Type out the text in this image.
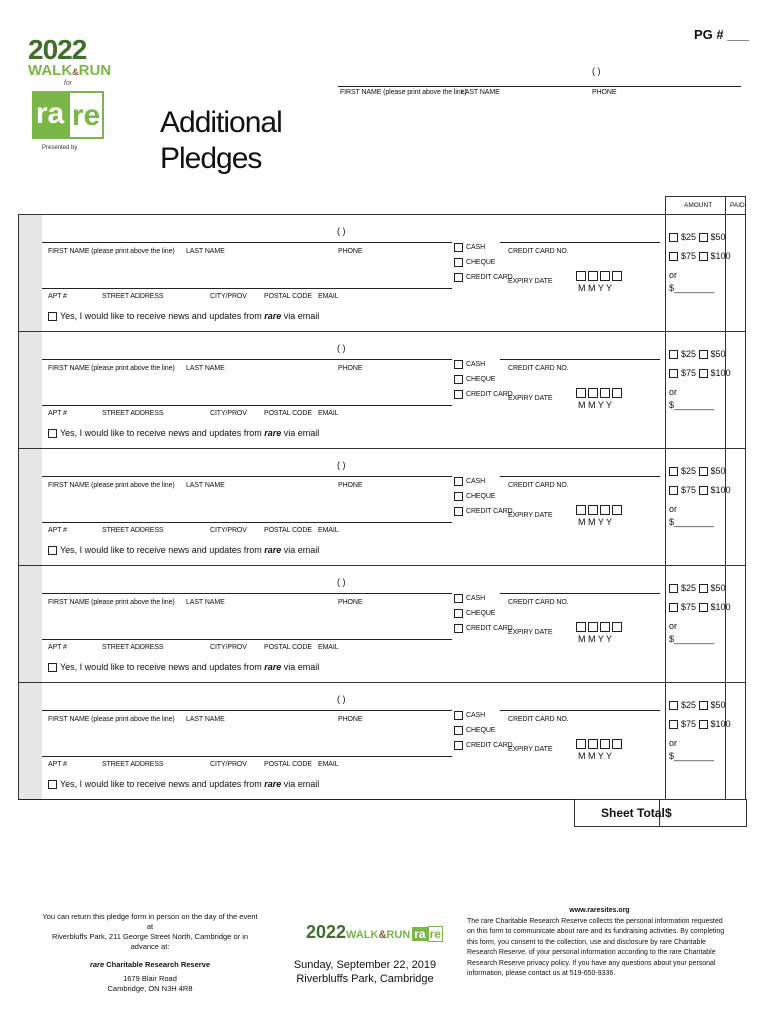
PG # ___
2022
WALK&RUN
for
ra re
Presented by
Additional
Pledges
( )
FIRST NAME (please print above the line)
LAST NAME	PHONE
AMOUNT	PAID
( )
FIRST NAME (please print above the line) LAST NAME	PHONE
APT #	STREET ADDRESS	CITY/PROV POSTAL CODE EMAIL
Yes, I would like to receive news and updates from rare via email
CASH
CHEQUE
CREDIT CARD
CREDIT CARD NO.
EXPIRY DATE
M M Y Y
$25 $50
$75 $100
or
$________
( )
FIRST NAME (please print above the line) LAST NAME	PHONE
APT #	STREET ADDRESS	CITY/PROV POSTAL CODE EMAIL
Yes, I would like to receive news and updates from rare via email
CASH
CHEQUE
CREDIT CARD
CREDIT CARD NO.
EXPIRY DATE
M M Y Y
$25 $50
$75 $100
or
$________
( )
FIRST NAME (please print above the line) LAST NAME	PHONE
APT #	STREET ADDRESS	CITY/PROV POSTAL CODE EMAIL
Yes, I would like to receive news and updates from rare via email
CASH
CHEQUE
CREDIT CARD
CREDIT CARD NO.
EXPIRY DATE
M M Y Y
$25 $50
$75 $100
or
$________
( )
FIRST NAME (please print above the line) LAST NAME	PHONE
APT #	STREET ADDRESS	CITY/PROV POSTAL CODE EMAIL
Yes, I would like to receive news and updates from rare via email
CASH
CHEQUE
CREDIT CARD
CREDIT CARD NO.
EXPIRY DATE
M M Y Y
$25 $50
$75 $100
or
$________
( )
FIRST NAME (please print above the line) LAST NAME	PHONE
APT #	STREET ADDRESS	CITY/PROV POSTAL CODE EMAIL
Yes, I would like to receive news and updates from rare via email
CASH
CHEQUE
CREDIT CARD
CREDIT CARD NO.
EXPIRY DATE
M M Y Y
$25 $50
$75 $100
or
$________
Sheet Total $
You can return this pledge form in person on the day of the event at
Riverbluffs Park, 211 George Street North, Cambridge or in advance at:
rare Charitable Research Reserve
1679 Blair Road
Cambridge, ON N3H 4R8
2022WALK&RUN ra re
Sunday, September 22, 2019
Riverbluffs Park, Cambridge
www.raresites.org
The rare Charitable Research Reserve collects the personal information requested on this form to communicate about rare and its fundraising activities. By completing this form, you consent to the collection, use and disclosure by rare Charitable Research Reserve, of your personal information according to the rare Charitable Research Reserve privacy policy. If you have any questions about your personal information, please contact us at 519-650-9336.
